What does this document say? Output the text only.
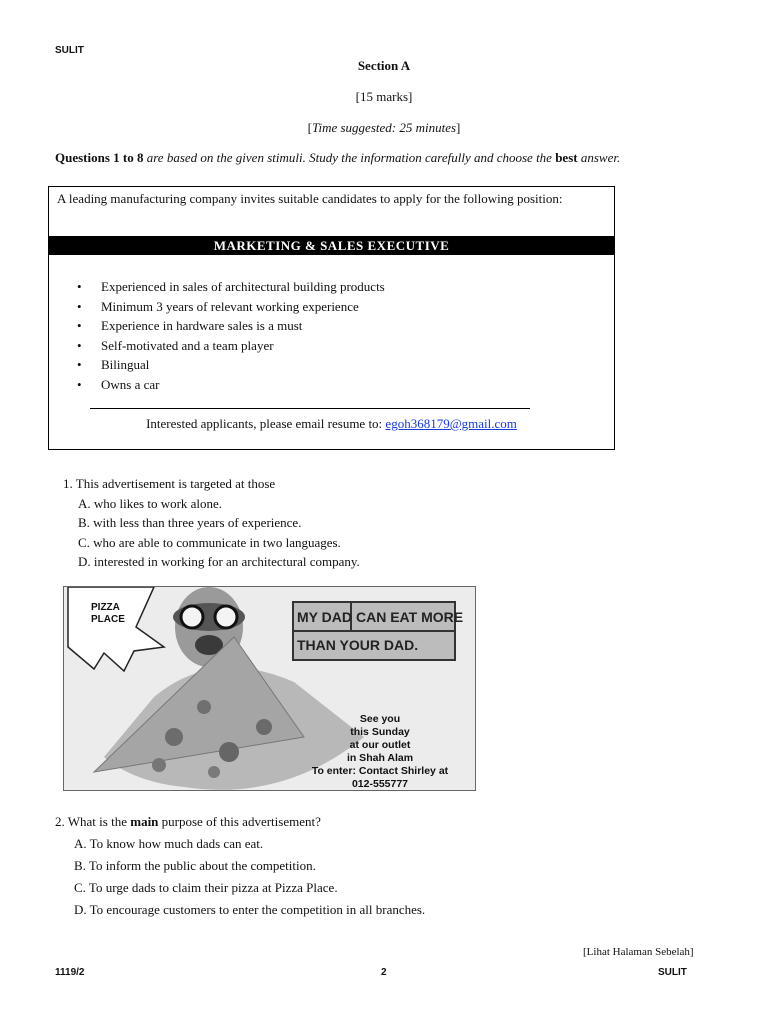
SULIT
Section A
[15 marks]
[Time suggested: 25 minutes]
Questions 1 to 8 are based on the given stimuli. Study the information carefully and choose the best answer.
A leading manufacturing company invites suitable candidates to apply for the following position:
MARKETING & SALES EXECUTIVE
• Experienced in sales of architectural building products
• Minimum 3 years of relevant working experience
• Experience in hardware sales is a must
• Self-motivated and a team player
• Bilingual
• Owns a car
Interested applicants, please email resume to: egoh368179@gmail.com
1. This advertisement is targeted at those
A. who likes to work alone.
B. with less than three years of experience.
C. who are able to communicate in two languages.
D. interested in working for an architectural company.
PIZZA
PLACE	MY DAD CAN EAT MORE
THAN YOUR DAD.
See you
this Sunday
at our outlet
in Shah Alam
To enter: Contact Shirley at
012-555777
2. What is the main purpose of this advertisement?
A. To know how much dads can eat.
B. To inform the public about the competition.
C. To urge dads to claim their pizza at Pizza Place.
D. To encourage customers to enter the competition in all branches.
[Lihat Halaman Sebelah]
1119/2	2	SULIT
